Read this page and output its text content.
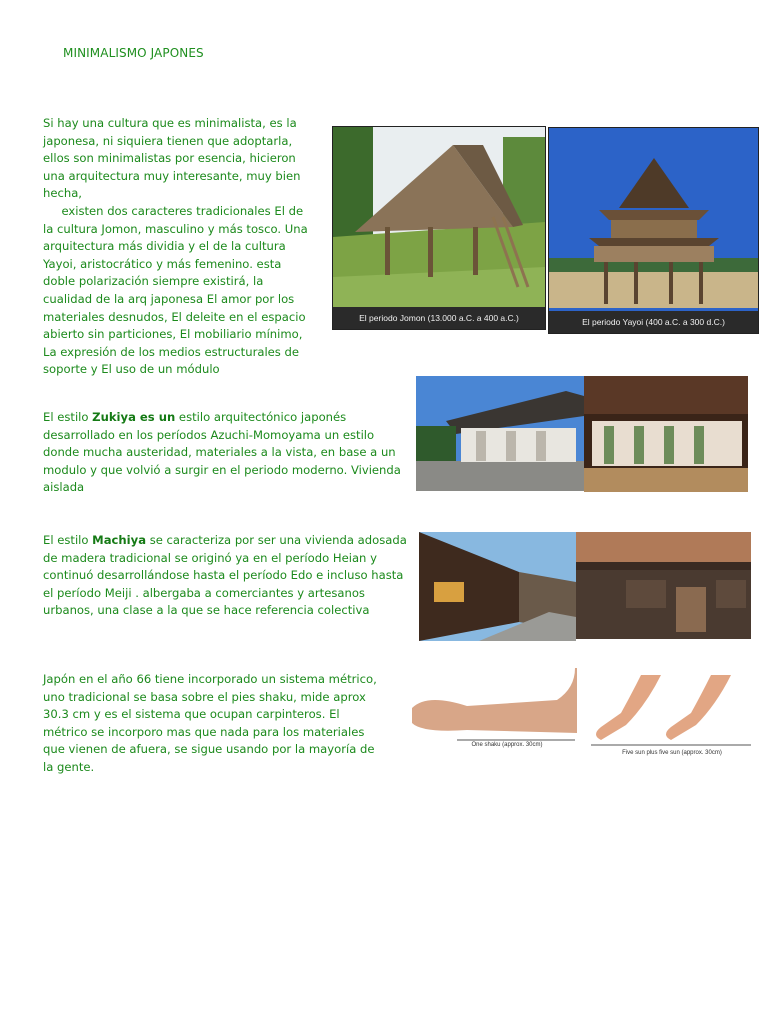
MINIMALISMO JAPONES

Si hay una cultura que es minimalista, es la japonesa, ni siquiera tienen que adoptarla, ellos son minimalistas por esencia, hicieron una arquitectura muy interesante, muy bien hecha,
existen dos caracteres tradicionales El de la cultura Jomon, masculino y más tosco. Una arquitectura más dividia y el de la cultura Yayoi, aristocrático y más femenino. esta doble polarización siempre existirá, la cualidad de la arq japonesa El amor por los materiales desnudos, El deleite en el espacio abierto sin particiones, El mobiliario mínimo, La expresión de los medios estructurales de soporte y El uso de un módulo

El periodo Jomon (13.000 a.C. a 400 a.C.)	El periodo Yayoi (400 a.C. a 300 d.C.)

El estilo Zukiya es un estilo arquitectónico japonés desarrollado en los períodos Azuchi-Momoyama un estilo donde mucha austeridad, materiales a la vista, en base a un modulo y que volvió a surgir en el periodo moderno. Vivienda aislada

El estilo Machiya se caracteriza por ser una vivienda adosada de madera tradicional se originó ya en el período Heian y continuó desarrollándose hasta el período Edo e incluso hasta el período Meiji . albergaba a comerciantes y artesanos urbanos, una clase a la que se hace referencia colectiva

Japón en el año 66 tiene incorporado un sistema métrico, uno tradicional se basa sobre el pies shaku, mide aprox 30.3 cm y es el sistema que ocupan carpinteros. El métrico se incorporo mas que nada para los materiales que vienen de afuera, se sigue usando por la mayoría de la gente.

One shaku (approx. 30cm)
Five sun plus five sun (approx. 30cm)
